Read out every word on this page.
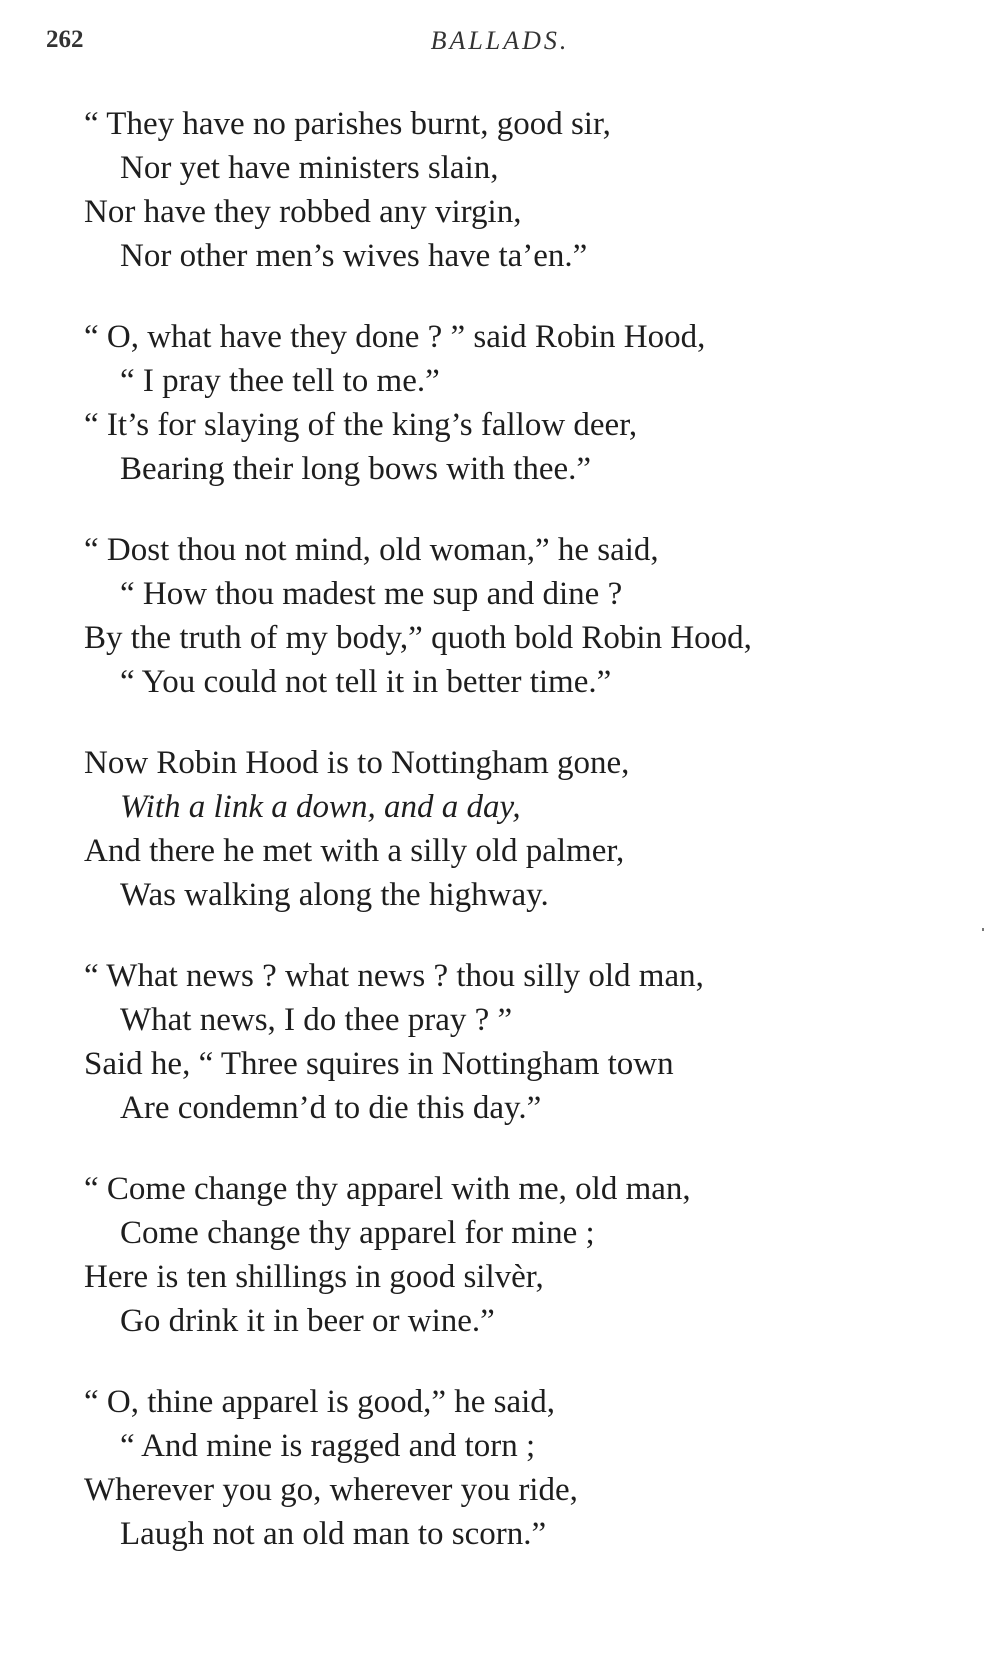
262	BALLADS.
“ They have no parishes burnt, good sir,
Nor yet have ministers slain,
Nor have they robbed any virgin,
Nor other men’s wives have ta’en.”
“ O, what have they done ? ” said Robin Hood,
“ I pray thee tell to me.”
“ It’s for slaying of the king’s fallow deer,
Bearing their long bows with thee.”
“ Dost thou not mind, old woman,” he said,
“ How thou madest me sup and dine ?
By the truth of my body,” quoth bold Robin Hood,
“ You could not tell it in better time.”
Now Robin Hood is to Nottingham gone,
With a link a down, and a day,
And there he met with a silly old palmer,
Was walking along the highway.
“ What news ? what news ? thou silly old man,
What news, I do thee pray ? ”
Said he, “ Three squires in Nottingham town
Are condemn’d to die this day.”
“ Come change thy apparel with me, old man,
Come change thy apparel for mine ;
Here is ten shillings in good silvèr,
Go drink it in beer or wine.”
“ O, thine apparel is good,” he said,
“ And mine is ragged and torn ;
Wherever you go, wherever you ride,
Laugh not an old man to scorn.”
